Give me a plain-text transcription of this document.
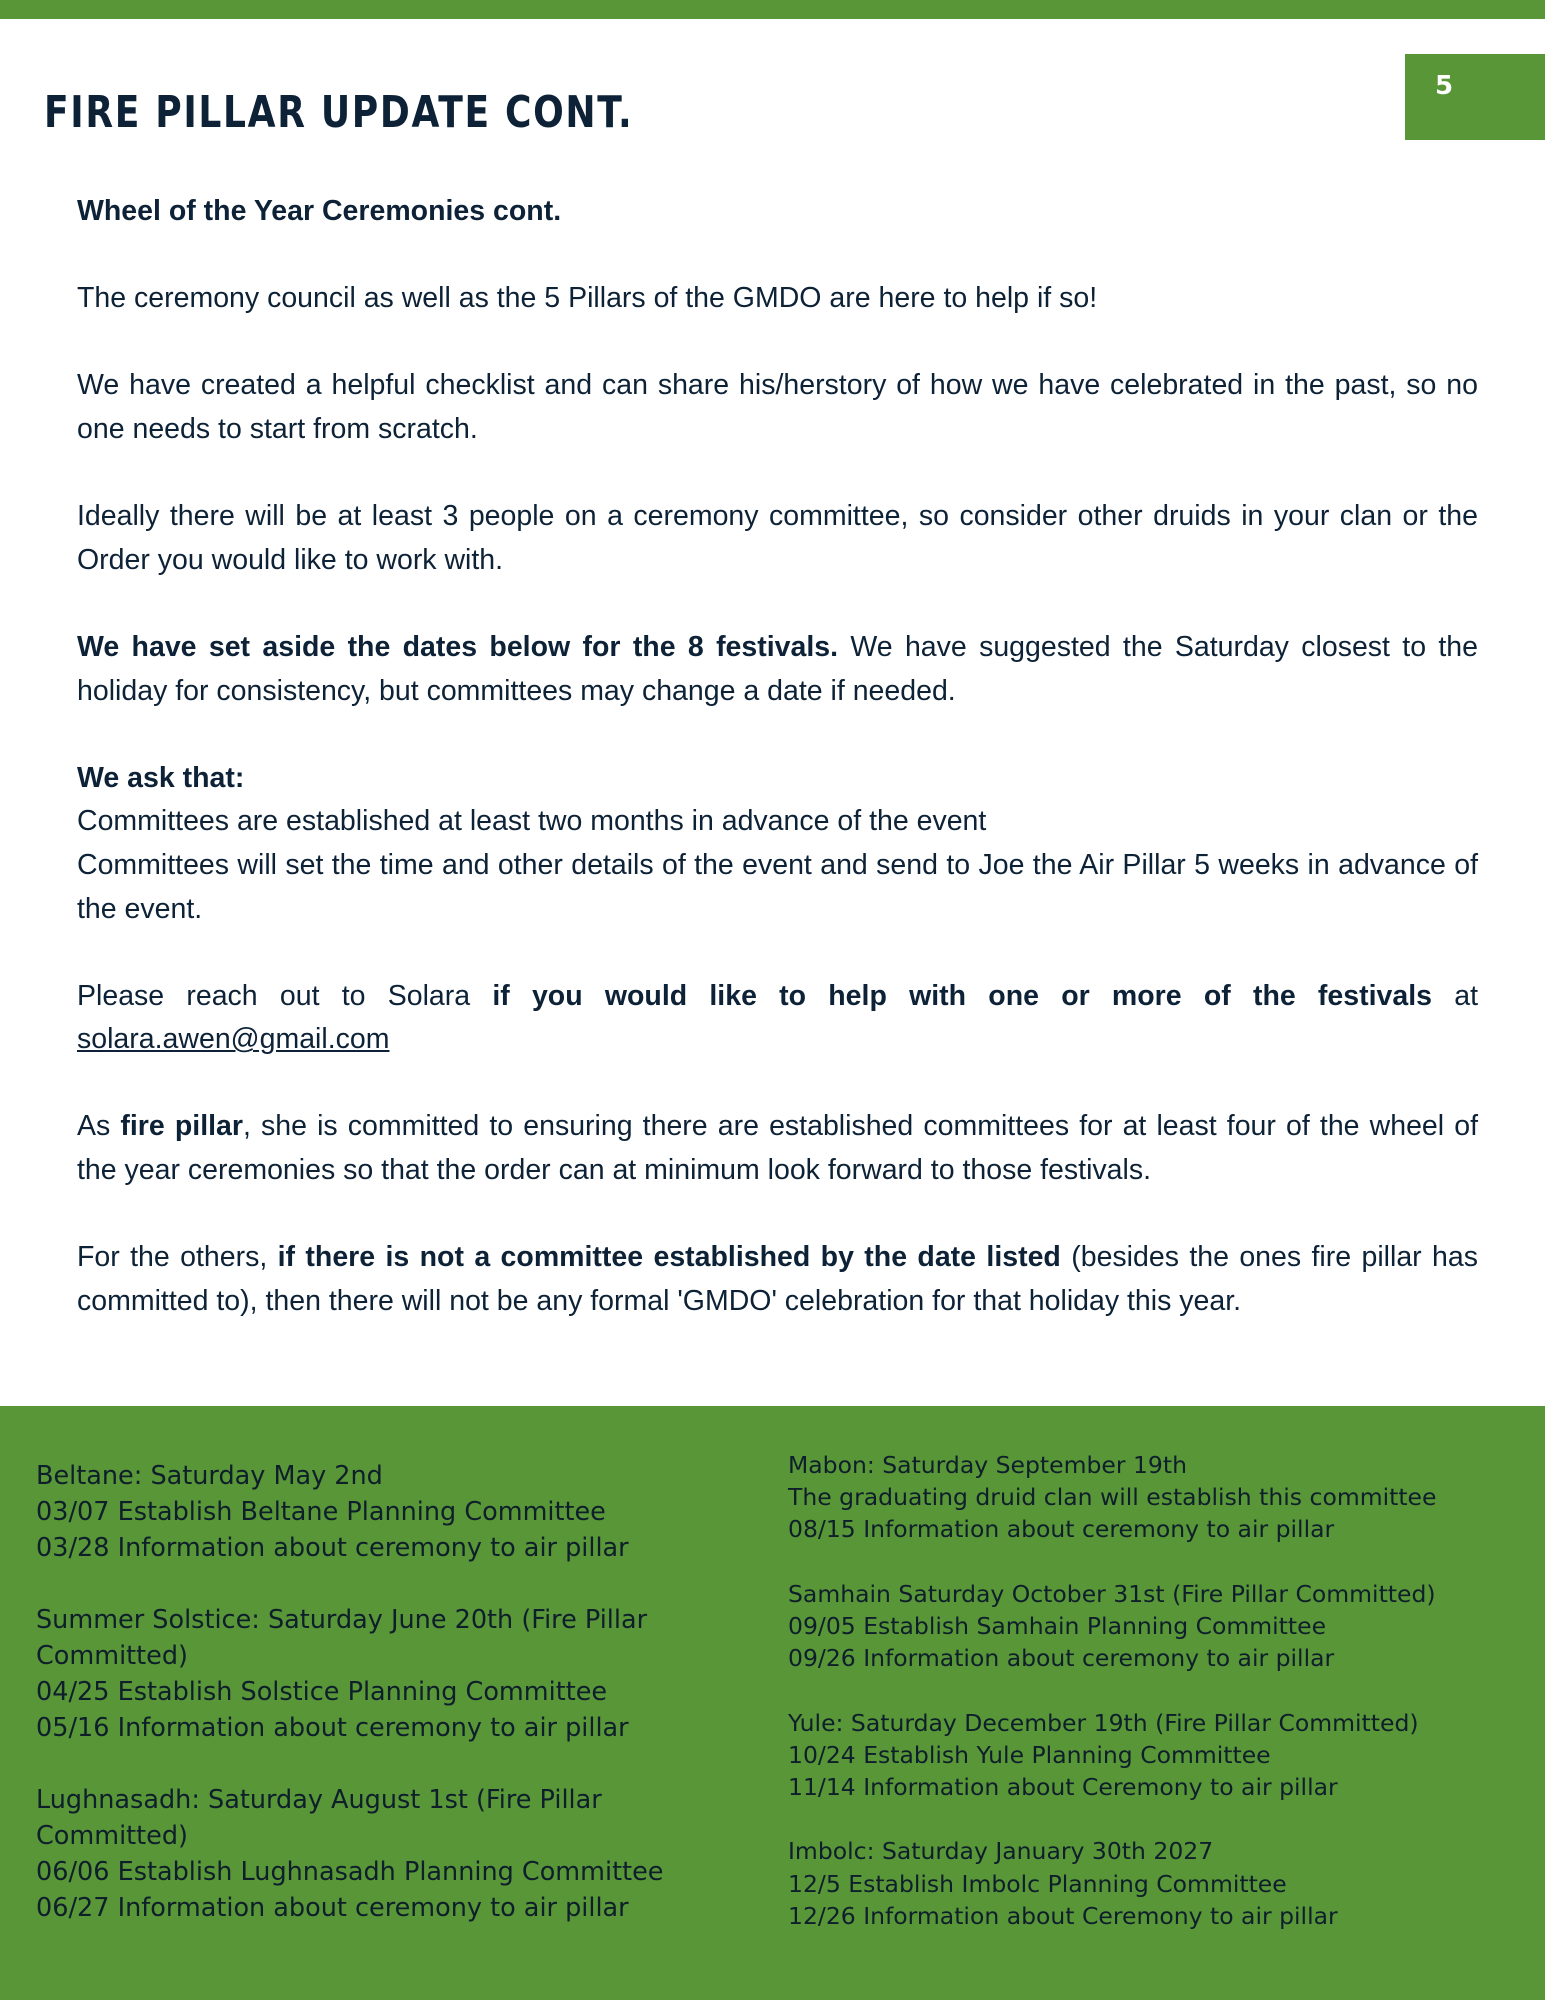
5
FIRE PILLAR UPDATE CONT.

Wheel of the Year Ceremonies cont.

The ceremony council as well as the 5 Pillars of the GMDO are here to help if so!

We have created a helpful checklist and can share his/herstory of how we have celebrated in the past, so no one needs to start from scratch.

Ideally there will be at least 3 people on a ceremony committee, so consider other druids in your clan or the Order you would like to work with.

We have set aside the dates below for the 8 festivals. We have suggested the Saturday closest to the holiday for consistency, but committees may change a date if needed.

We ask that:

Committees are established at least two months in advance of the event

Committees will set the time and other details of the event and send to Joe the Air Pillar 5 weeks in advance of the event.

Please reach out to Solara if you would like to help with one or more of the festivals at solara.awen@gmail.com

As fire pillar, she is committed to ensuring there are established committees for at least four of the wheel of the year ceremonies so that the order can at minimum look forward to those festivals.

For the others, if there is not a committee established by the date listed (besides the ones fire pillar has committed to), then there will not be any formal 'GMDO' celebration for that holiday this year.

Beltane: Saturday May 2nd
03/07 Establish Beltane Planning Committee
03/28 Information about ceremony to air pillar
Summer Solstice: Saturday June 20th (Fire Pillar Committed)
04/25 Establish Solstice Planning Committee
05/16 Information about ceremony to air pillar
Lughnasadh: Saturday August 1st (Fire Pillar Committed)
06/06 Establish Lughnasadh Planning Committee
06/27 Information about ceremony to air pillar
Mabon: Saturday September 19th
The graduating druid clan will establish this committee
08/15 Information about ceremony to air pillar
Samhain Saturday October 31st (Fire Pillar Committed)
09/05 Establish Samhain Planning Committee
09/26 Information about ceremony to air pillar
Yule: Saturday December 19th (Fire Pillar Committed)
10/24 Establish Yule Planning Committee
11/14 Information about Ceremony to air pillar
Imbolc: Saturday January 30th 2027
12/5 Establish Imbolc Planning Committee
12/26 Information about Ceremony to air pillar
